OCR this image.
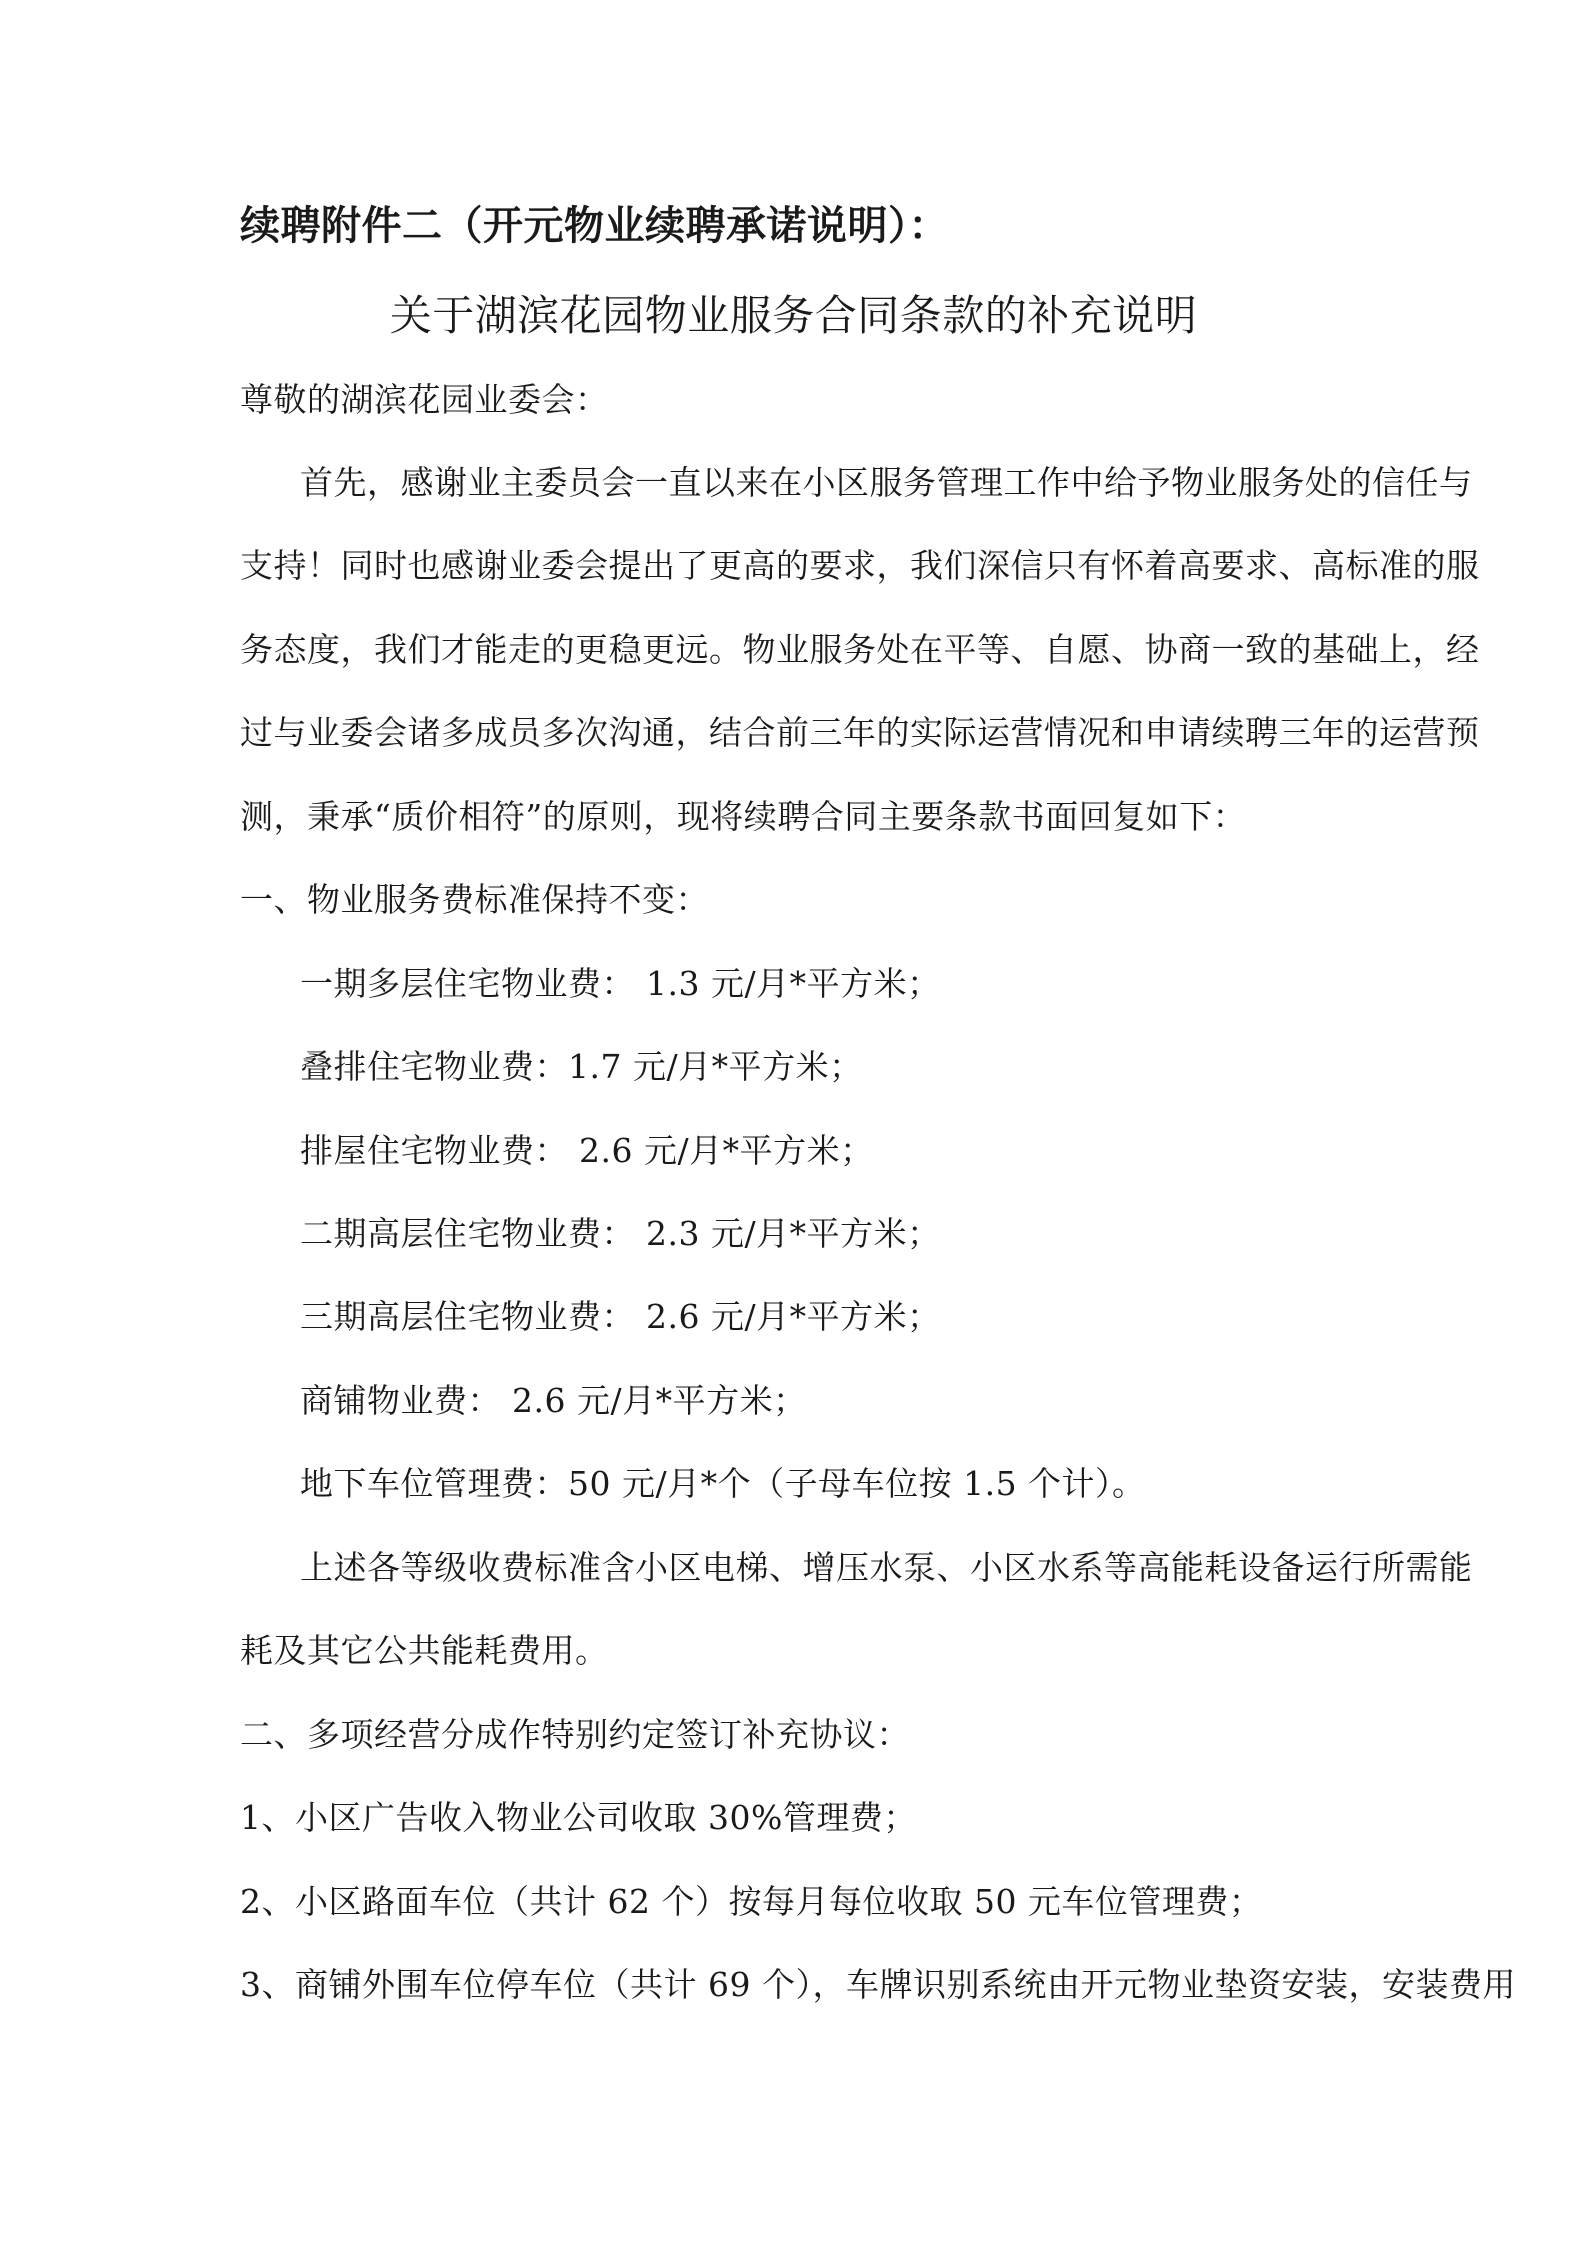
续聘附件二（开元物业续聘承诺说明）：
关于湖滨花园物业服务合同条款的补充说明
尊敬的湖滨花园业委会：
首先，感谢业主委员会一直以来在小区服务管理工作中给予物业服务处的信任与
支持！同时也感谢业委会提出了更高的要求，我们深信只有怀着高要求、高标准的服
务态度，我们才能走的更稳更远。物业服务处在平等、自愿、协商一致的基础上，经
过与业委会诸多成员多次沟通，结合前三年的实际运营情况和申请续聘三年的运营预
测，秉承“质价相符”的原则，现将续聘合同主要条款书面回复如下：
一、物业服务费标准保持不变：
一期多层住宅物业费： 1.3 元/月*平方米；
叠排住宅物业费：1.7 元/月*平方米；
排屋住宅物业费： 2.6 元/月*平方米；
二期高层住宅物业费： 2.3 元/月*平方米；
三期高层住宅物业费： 2.6 元/月*平方米；
商铺物业费： 2.6 元/月*平方米；
地下车位管理费：50 元/月*个（子母车位按 1.5 个计）。
上述各等级收费标准含小区电梯、增压水泵、小区水系等高能耗设备运行所需能
耗及其它公共能耗费用。
二、多项经营分成作特别约定签订补充协议：
1、小区广告收入物业公司收取 30%管理费；
2、小区路面车位（共计 62 个）按每月每位收取 50 元车位管理费；
3、商铺外围车位停车位（共计 69 个），车牌识别系统由开元物业垫资安装，安装费用
